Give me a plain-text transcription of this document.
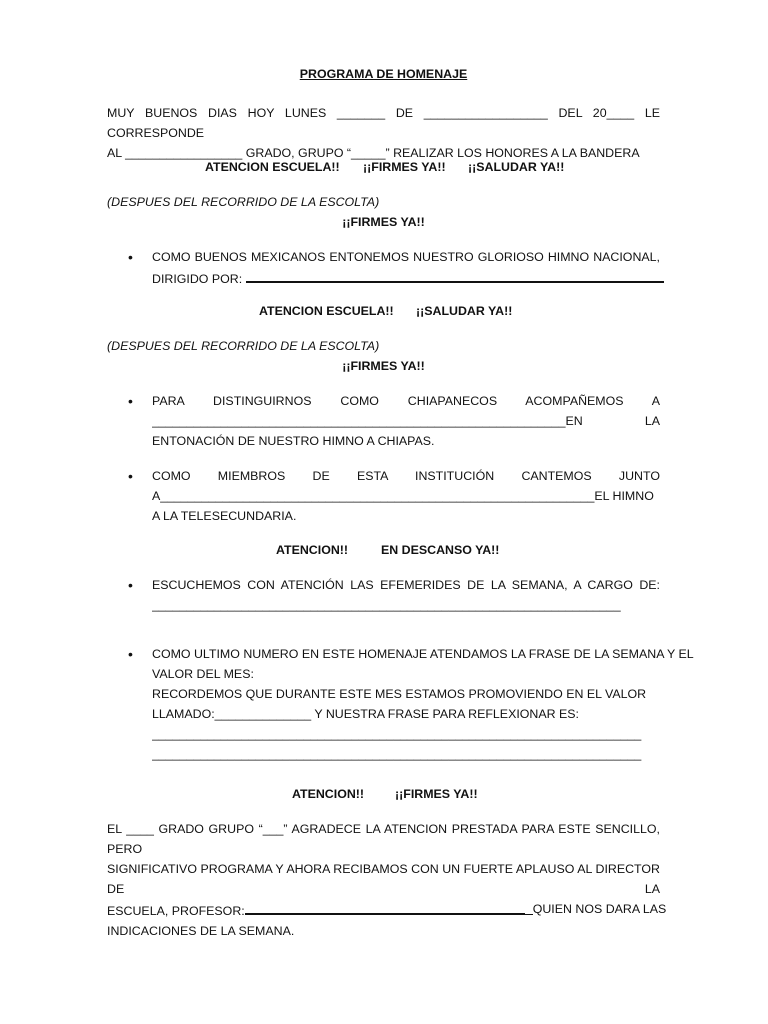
PROGRAMA DE HOMENAJE
MUY BUENOS DIAS HOY LUNES _______ DE __________________ DEL 20____ LE CORRESPONDE
AL _________________ GRADO, GRUPO “_____” REALIZAR LOS HONORES A LA BANDERA
ATENCION ESCUELA!! ¡¡FIRMES YA!! ¡¡SALUDAR YA!!
(DESPUES DEL RECORRIDO DE LA ESCOLTA)
¡¡FIRMES YA!!
• COMO BUENOS MEXICANOS ENTONEMOS NUESTRO GLORIOSO HIMNO NACIONAL,
DIRIGIDO POR:
ATENCION ESCUELA!! ¡¡SALUDAR YA!!
(DESPUES DEL RECORRIDO DE LA ESCOLTA)
¡¡FIRMES YA!!
• PARA DISTINGUIRNOS COMO CHIAPANECOS ACOMPAÑEMOS A
____________________________________________________________EN LA
ENTONACIÓN DE NUESTRO HIMNO A CHIAPAS.
• COMO MIEMBROS DE ESTA INSTITUCIÓN CANTEMOS JUNTO
A_______________________________________________________________EL HIMNO
A LA TELESECUNDARIA.
ATENCION!!	EN DESCANSO YA!!
• ESCUCHEMOS CON ATENCIÓN LAS EFEMERIDES DE LA SEMANA, A CARGO DE:
____________________________________________________________________
• COMO ULTIMO NUMERO EN ESTE HOMENAJE ATENDAMOS LA FRASE DE LA SEMANA Y EL
VALOR DEL MES:
RECORDEMOS QUE DURANTE ESTE MES ESTAMOS PROMOVIENDO EN EL VALOR
LLAMADO:______________ Y NUESTRA FRASE PARA REFLEXIONAR ES:
_______________________________________________________________________
_______________________________________________________________________
ATENCION!! ¡¡FIRMES YA!!
EL ____ GRADO GRUPO “___” AGRADECE LA ATENCION PRESTADA PARA ESTE SENCILLO, PERO
SIGNIFICATIVO PROGRAMA Y AHORA RECIBAMOS CON UN FUERTE APLAUSO AL DIRECTOR DE LA
ESCUELA, PROFESOR:	QUIEN NOS DARA LAS
INDICACIONES DE LA SEMANA.
